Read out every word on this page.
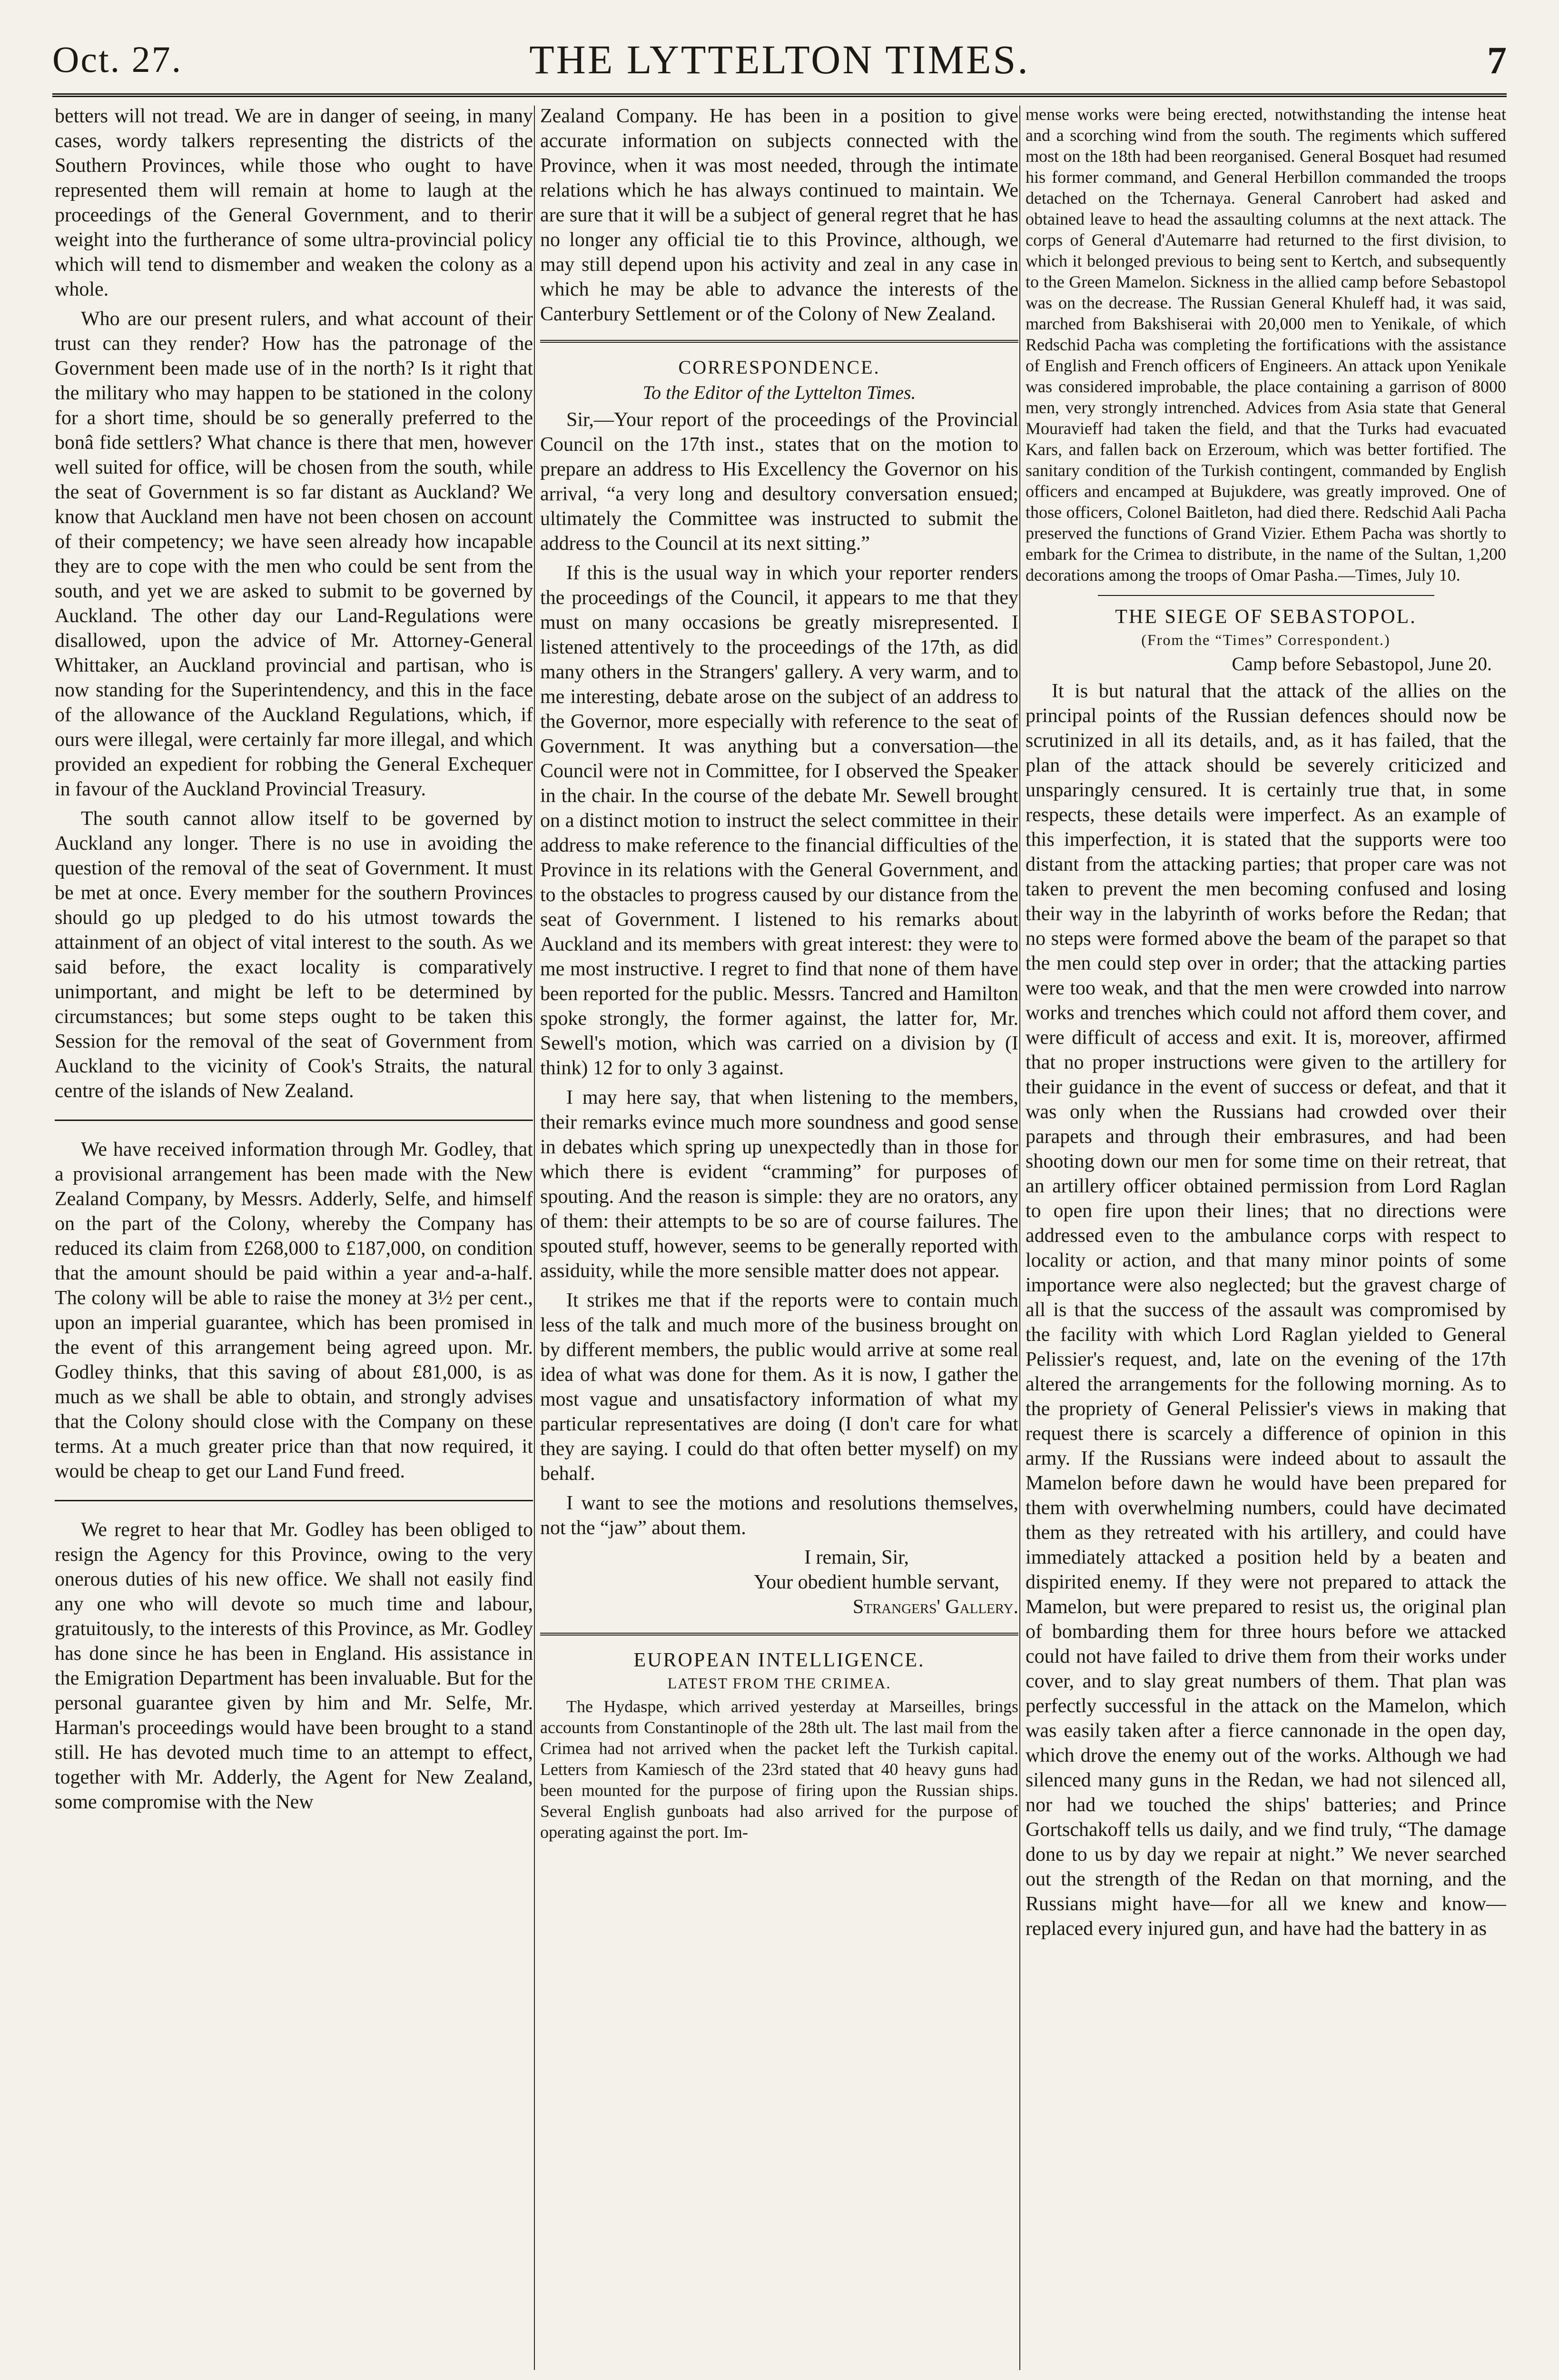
Oct. 27.	THE LYTTELTON TIMES.	7

betters will not tread. We are in danger of seeing, in many cases, wordy talkers representing the districts of the Southern Provinces, while those who ought to have represented them will remain at home to laugh at the proceedings of the General Government, and to therir weight into the furtherance of some ultra-provincial policy which will tend to dismember and weaken the colony as a whole.

Who are our present rulers, and what account of their trust can they render? How has the patronage of the Government been made use of in the north? Is it right that the military who may happen to be stationed in the colony for a short time, should be so generally preferred to the bonâ fide settlers? What chance is there that men, however well suited for office, will be chosen from the south, while the seat of Government is so far distant as Auckland? We know that Auckland men have not been chosen on account of their competency; we have seen already how incapable they are to cope with the men who could be sent from the south, and yet we are asked to submit to be governed by Auckland. The other day our Land-Regulations were disallowed, upon the advice of Mr. Attorney-General Whittaker, an Auckland provincial and partisan, who is now standing for the Superintendency, and this in the face of the allowance of the Auckland Regulations, which, if ours were illegal, were certainly far more illegal, and which provided an expedient for robbing the General Exchequer in favour of the Auckland Provincial Treasury.

The south cannot allow itself to be governed by Auckland any longer. There is no use in avoiding the question of the removal of the seat of Government. It must be met at once. Every member for the southern Provinces should go up pledged to do his utmost towards the attainment of an object of vital interest to the south. As we said before, the exact locality is comparatively unimportant, and might be left to be determined by circumstances; but some steps ought to be taken this Session for the removal of the seat of Government from Auckland to the vicinity of Cook's Straits, the natural centre of the islands of New Zealand.

We have received information through Mr. Godley, that a provisional arrangement has been made with the New Zealand Company, by Messrs. Adderly, Selfe, and himself on the part of the Colony, whereby the Company has reduced its claim from £268,000 to £187,000, on condition that the amount should be paid within a year and-a-half. The colony will be able to raise the money at 3½ per cent., upon an imperial guarantee, which has been promised in the event of this arrangement being agreed upon. Mr. Godley thinks, that this saving of about £81,000, is as much as we shall be able to obtain, and strongly advises that the Colony should close with the Company on these terms. At a much greater price than that now required, it would be cheap to get our Land Fund freed.

We regret to hear that Mr. Godley has been obliged to resign the Agency for this Province, owing to the very onerous duties of his new office. We shall not easily find any one who will devote so much time and labour, gratuitously, to the interests of this Province, as Mr. Godley has done since he has been in England. His assistance in the Emigration Department has been invaluable. But for the personal guarantee given by him and Mr. Selfe, Mr. Harman's proceedings would have been brought to a stand still. He has devoted much time to an attempt to effect, together with Mr. Adderly, the Agent for New Zealand, some compromise with the New

Zealand Company. He has been in a position to give accurate information on subjects connected with the Province, when it was most needed, through the intimate relations which he has always continued to maintain. We are sure that it will be a subject of general regret that he has no longer any official tie to this Province, although, we may still depend upon his activity and zeal in any case in which he may be able to advance the interests of the Canterbury Settlement or of the Colony of New Zealand.

CORRESPONDENCE.
To the Editor of the Lyttelton Times.

Sir,—Your report of the proceedings of the Provincial Council on the 17th inst., states that on the motion to prepare an address to His Excellency the Governor on his arrival, “a very long and desultory conversation ensued; ultimately the Committee was instructed to submit the address to the Council at its next sitting.”

If this is the usual way in which your reporter renders the proceedings of the Council, it appears to me that they must on many occasions be greatly misrepresented. I listened attentively to the proceedings of the 17th, as did many others in the Strangers' gallery. A very warm, and to me interesting, debate arose on the subject of an address to the Governor, more especially with reference to the seat of Government. It was anything but a conversation—the Council were not in Committee, for I observed the Speaker in the chair. In the course of the debate Mr. Sewell brought on a distinct motion to instruct the select committee in their address to make reference to the financial difficulties of the Province in its relations with the General Government, and to the obstacles to progress caused by our distance from the seat of Government. I listened to his remarks about Auckland and its members with great interest: they were to me most instructive. I regret to find that none of them have been reported for the public. Messrs. Tancred and Hamilton spoke strongly, the former against, the latter for, Mr. Sewell's motion, which was carried on a division by (I think) 12 for to only 3 against.

I may here say, that when listening to the members, their remarks evince much more soundness and good sense in debates which spring up unexpectedly than in those for which there is evident “cramming” for purposes of spouting. And the reason is simple: they are no orators, any of them: their attempts to be so are of course failures. The spouted stuff, however, seems to be generally reported with assiduity, while the more sensible matter does not appear.

It strikes me that if the reports were to contain much less of the talk and much more of the business brought on by different members, the public would arrive at some real idea of what was done for them. As it is now, I gather the most vague and unsatisfactory information of what my particular representatives are doing (I don't care for what they are saying. I could do that often better myself) on my behalf.

I want to see the motions and resolutions themselves, not the “jaw” about them.

I remain, Sir,
Your obedient humble servant,
Strangers' Gallery.
EUROPEAN INTELLIGENCE.
LATEST FROM THE CRIMEA.

The Hydaspe, which arrived yesterday at Marseilles, brings accounts from Constantinople of the 28th ult. The last mail from the Crimea had not arrived when the packet left the Turkish capital. Letters from Kamiesch of the 23rd stated that 40 heavy guns had been mounted for the purpose of firing upon the Russian ships. Several English gunboats had also arrived for the purpose of operating against the port. Im-

mense works were being erected, notwithstanding the intense heat and a scorching wind from the south. The regiments which suffered most on the 18th had been reorganised. General Bosquet had resumed his former command, and General Herbillon commanded the troops detached on the Tchernaya. General Canrobert had asked and obtained leave to head the assaulting columns at the next attack. The corps of General d'Autemarre had returned to the first division, to which it belonged previous to being sent to Kertch, and subsequently to the Green Mamelon. Sickness in the allied camp before Sebastopol was on the decrease. The Russian General Khuleff had, it was said, marched from Bakshiserai with 20,000 men to Yenikale, of which Redschid Pacha was completing the fortifications with the assistance of English and French officers of Engineers. An attack upon Yenikale was considered improbable, the place containing a garrison of 8000 men, very strongly intrenched. Advices from Asia state that General Mouravieff had taken the field, and that the Turks had evacuated Kars, and fallen back on Erzeroum, which was better fortified. The sanitary condition of the Turkish contingent, commanded by English officers and encamped at Bujukdere, was greatly improved. One of those officers, Colonel Baitleton, had died there. Redschid Aali Pacha preserved the functions of Grand Vizier. Ethem Pacha was shortly to embark for the Crimea to distribute, in the name of the Sultan, 1,200 decorations among the troops of Omar Pasha.—Times, July 10.

THE SIEGE OF SEBASTOPOL.
(From the “Times” Correspondent.)
Camp before Sebastopol, June 20.

It is but natural that the attack of the allies on the principal points of the Russian defences should now be scrutinized in all its details, and, as it has failed, that the plan of the attack should be severely criticized and unsparingly censured. It is certainly true that, in some respects, these details were imperfect. As an example of this imperfection, it is stated that the supports were too distant from the attacking parties; that proper care was not taken to prevent the men becoming confused and losing their way in the labyrinth of works before the Redan; that no steps were formed above the beam of the parapet so that the men could step over in order; that the attacking parties were too weak, and that the men were crowded into narrow works and trenches which could not afford them cover, and were difficult of access and exit. It is, moreover, affirmed that no proper instructions were given to the artillery for their guidance in the event of success or defeat, and that it was only when the Russians had crowded over their parapets and through their embrasures, and had been shooting down our men for some time on their retreat, that an artillery officer obtained permission from Lord Raglan to open fire upon their lines; that no directions were addressed even to the ambulance corps with respect to locality or action, and that many minor points of some importance were also neglected; but the gravest charge of all is that the success of the assault was compromised by the facility with which Lord Raglan yielded to General Pelissier's request, and, late on the evening of the 17th altered the arrangements for the following morning. As to the propriety of General Pelissier's views in making that request there is scarcely a difference of opinion in this army. If the Russians were indeed about to assault the Mamelon before dawn he would have been prepared for them with overwhelming numbers, could have decimated them as they retreated with his artillery, and could have immediately attacked a position held by a beaten and dispirited enemy. If they were not prepared to attack the Mamelon, but were prepared to resist us, the original plan of bombarding them for three hours before we attacked could not have failed to drive them from their works under cover, and to slay great numbers of them. That plan was perfectly successful in the attack on the Mamelon, which was easily taken after a fierce cannonade in the open day, which drove the enemy out of the works. Although we had silenced many guns in the Redan, we had not silenced all, nor had we touched the ships' batteries; and Prince Gortschakoff tells us daily, and we find truly, “The damage done to us by day we repair at night.” We never searched out the strength of the Redan on that morning, and the Russians might have—for all we knew and know—replaced every injured gun, and have had the battery in as
